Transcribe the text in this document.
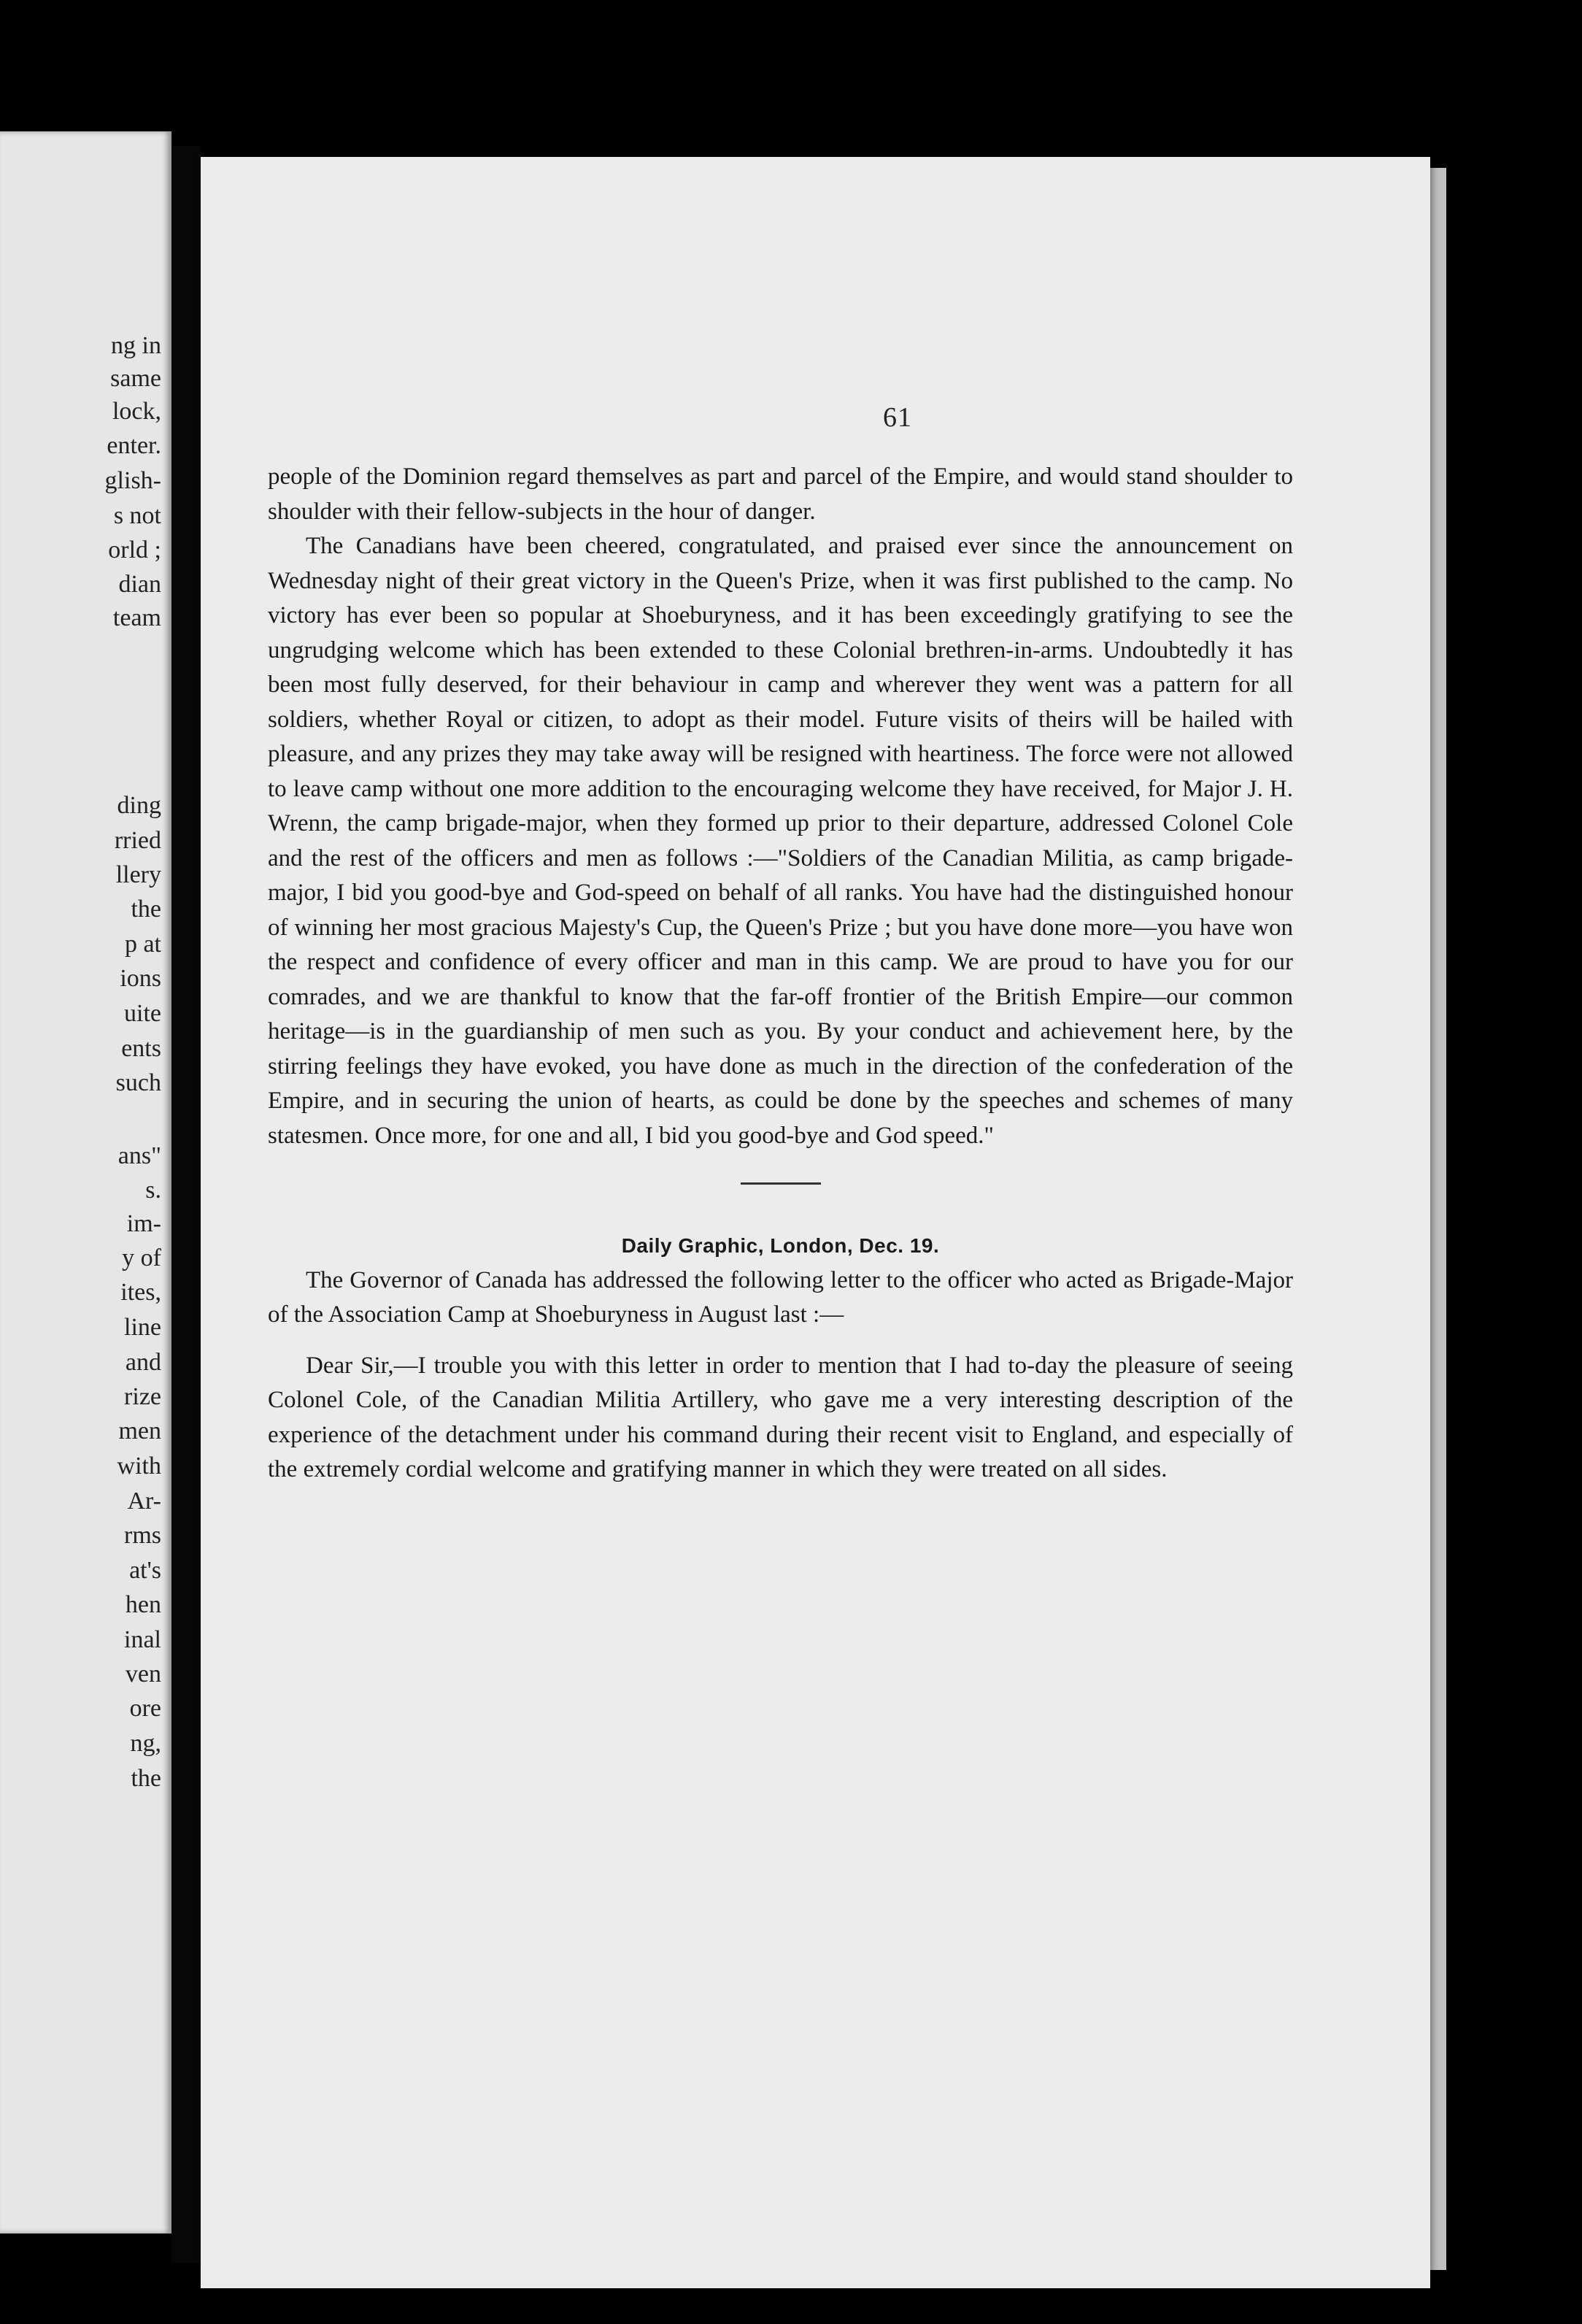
ng in
same
lock,
enter.
glish-
s not
orld ;
dian
team
ding
rried
llery
the
p at
ions
uite
ents
such
ans"
s.
im-
y of
ites,
line
and
rize
men
with
Ar-
rms
at's
hen
inal
ven
ore
ng,
the
61

people of the Dominion regard themselves as part and parcel of the Empire, and would stand shoulder to shoulder with their fellow-subjects in the hour of danger.

The Canadians have been cheered, congratulated, and praised ever since the announcement on Wednesday night of their great victory in the Queen's Prize, when it was first published to the camp. No victory has ever been so popular at Shoeburyness, and it has been exceedingly gratifying to see the ungrudging welcome which has been extended to these Colonial brethren-in-arms. Undoubtedly it has been most fully deserved, for their behaviour in camp and wherever they went was a pattern for all soldiers, whether Royal or citizen, to adopt as their model. Future visits of theirs will be hailed with pleasure, and any prizes they may take away will be resigned with heartiness. The force were not allowed to leave camp without one more addition to the encouraging welcome they have received, for Major J. H. Wrenn, the camp brigade-major, when they formed up prior to their departure, addressed Colonel Cole and the rest of the officers and men as follows :—"Soldiers of the Canadian Militia, as camp brigade-major, I bid you good-bye and God-speed on behalf of all ranks. You have had the distinguished honour of winning her most gracious Majesty's Cup, the Queen's Prize ; but you have done more—you have won the respect and confidence of every officer and man in this camp. We are proud to have you for our comrades, and we are thankful to know that the far-off frontier of the British Empire—our common heritage—is in the guardianship of men such as you. By your conduct and achievement here, by the stirring feelings they have evoked, you have done as much in the direction of the confederation of the Empire, and in securing the union of hearts, as could be done by the speeches and schemes of many statesmen. Once more, for one and all, I bid you good-bye and God speed."

Daily Graphic, London, Dec. 19.

The Governor of Canada has addressed the following letter to the officer who acted as Brigade-Major of the Association Camp at Shoeburyness in August last :—

Dear Sir,—I trouble you with this letter in order to mention that I had to-day the pleasure of seeing Colonel Cole, of the Canadian Militia Artillery, who gave me a very interesting description of the experience of the detachment under his command during their recent visit to England, and especially of the extremely cordial welcome and gratifying manner in which they were treated on all sides.
